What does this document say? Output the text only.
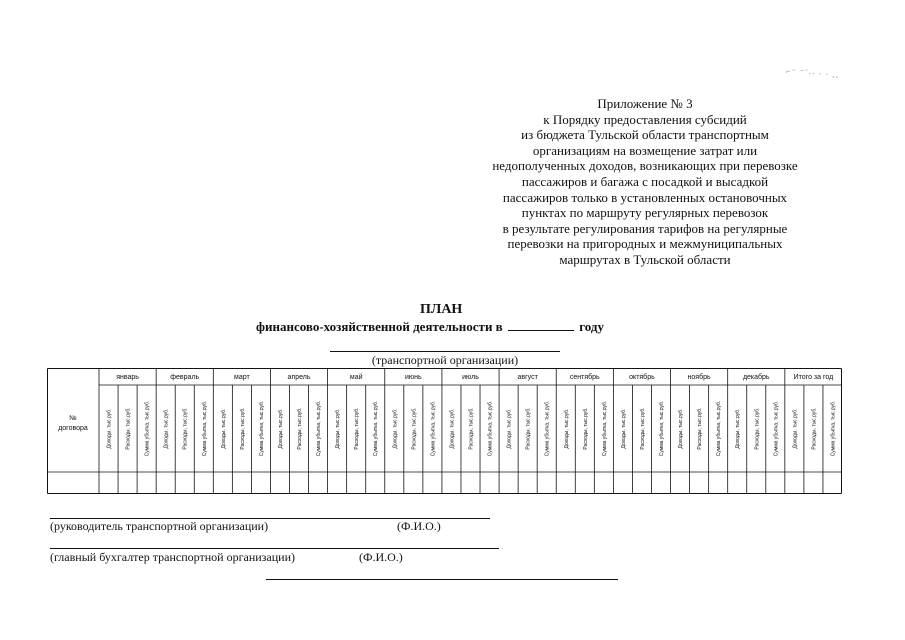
⌐⁻ ⁻ˉ˴˴ ˴ ˴ ˳˳
Приложение № 3
к Порядку предоставления субсидий
из бюджета Тульской области транспортным
организациям на возмещение затрат или
недополученных доходов, возникающих при перевозке
пассажиров и багажа с посадкой и высадкой
пассажиров только в установленных остановочных
пунктах по маршруту регулярных перевозок
в результате регулирования тарифов на регулярные
перевозки на пригородных и межмуниципальных
маршрутах в Тульской области
ПЛАН
финансово-хозяйственной деятельности в	году
(транспортной организации)
№
договора
январь
Доходы, тыс.руб.	Расходы, тыс.руб.	Сумма убытка, тыс.руб.
февраль
Доходы, тыс.руб.	Расходы, тыс.руб.	Сумма убытка, тыс.руб.
март
Доходы, тыс.руб.	Расходы, тыс.руб.	Сумма убытка, тыс.руб.
апрель
Доходы, тыс.руб.	Расходы, тыс.руб.	Сумма убытка, тыс.руб.
май
Доходы, тыс.руб.	Расходы, тыс.руб.	Сумма убытка, тыс.руб.
июнь
Доходы, тыс.руб.	Расходы, тыс.руб.	Сумма убытка, тыс.руб.
июль
Доходы, тыс.руб.	Расходы, тыс.руб.	Сумма убытка, тыс.руб.
август
Доходы, тыс.руб.	Расходы, тыс.руб.	Сумма убытка, тыс.руб.
сентябрь
Доходы, тыс.руб.	Расходы, тыс.руб.	Сумма убытка, тыс.руб.
октябрь
Доходы, тыс.руб.	Расходы, тыс.руб.	Сумма убытка, тыс.руб.
ноябрь
Доходы, тыс.руб.	Расходы, тыс.руб.	Сумма убытка, тыс.руб.
декабрь
Доходы, тыс.руб.	Расходы, тыс.руб.	Сумма убытка, тыс.руб.
Итого за год
Доходы, тыс.руб.	Расходы, тыс.руб.	Сумма убытка, тыс.руб.
(руководитель транспортной организации)	(Ф.И.О.)
(главный бухгалтер транспортной организации)	(Ф.И.О.)
